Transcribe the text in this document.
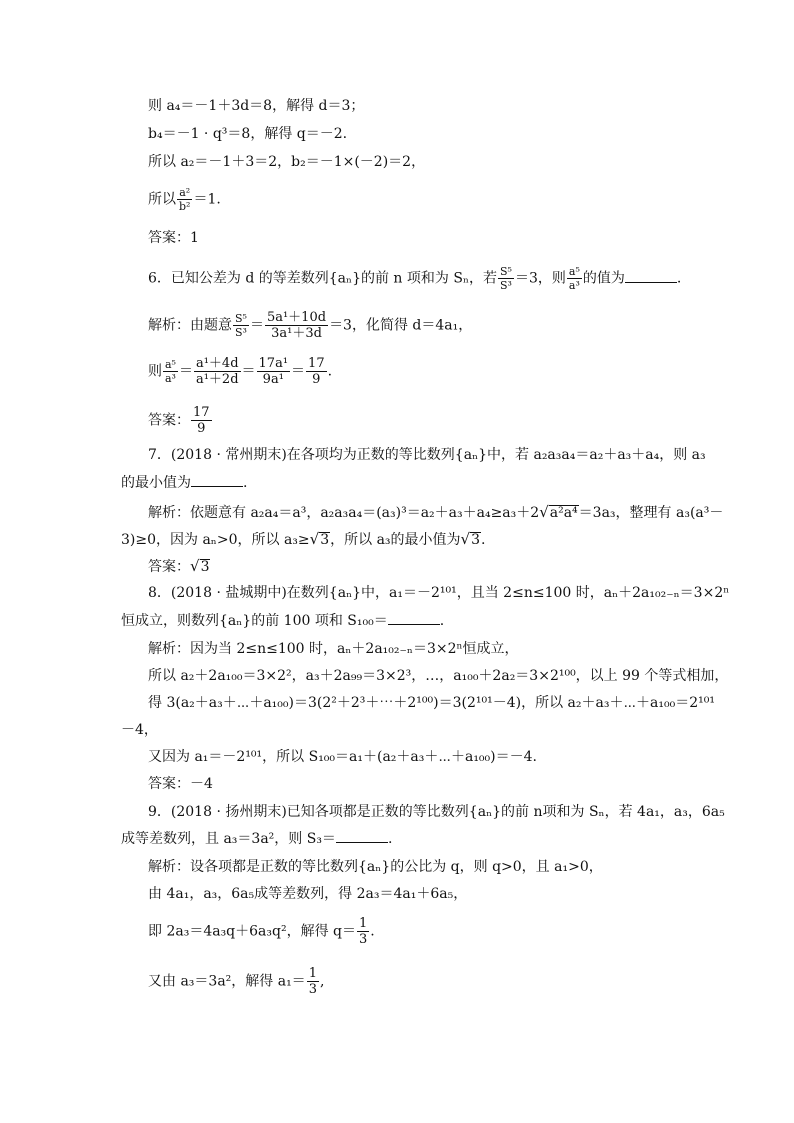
则 a₄＝－1＋3d＝8，解得 d＝3；
b₄＝－1 · q³＝8，解得 q＝－2.
所以 a₂＝－1＋3＝2，b₂＝－1×(－2)＝2，
所以 $\frac{\text{a²}}{\text{b²}} =1$.
答案：1
6．已知公差为 d 的等差数列{aₙ}的前 n 项和为 Sₙ，若 $\frac{\text{S⁵}}{\text{S³}} =3$，则 $\frac{\text{a⁵}}{\text{a³}}$ 的值为	.
解析：由题意 $\frac{\text{S⁵}}{\text{S³}} = \frac{\text{5a¹＋10d}}{\text{3a¹＋3d}} =3$，化简得 d＝4a₁，
则 $\frac{\text{a⁵}}{\text{a³}} = \frac{\text{a¹＋4d}}{\text{a¹＋2d}} = \frac{\text{17a¹}}{\text{9a¹}} = \frac{17}{9}$ .
答案： $\frac{17}{9}$
7．(2018 · 常州期末)在各项均为正数的等比数列{aₙ}中，若 a₂a₃a₄＝a₂＋a₃＋a₄，则 a₃
的最小值为	.
解析：依题意有 a₂a₄＝a³，a₂a₃a₄＝(a₃)³＝a₂＋a₃＋a₄≥a₃＋2√a²a⁴＝3a₃，整理有 a₃(a³－
3)≥0，因为 aₙ>0，所以 a₃≥√3，所以 a₃的最小值为√3.
答案：√3
8．(2018 · 盐城期中)在数列{aₙ}中，a₁＝－2¹⁰¹，且当 2≤n≤100 时，aₙ＋2a₁₀₂₋ₙ＝3×2ⁿ
恒成立，则数列{aₙ}的前 100 项和 S₁₀₀＝	.
解析：因为当 2≤n≤100 时，aₙ＋2a₁₀₂₋ₙ＝3×2ⁿ恒成立，
所以 a₂＋2a₁₀₀＝3×2²，a₃＋2a₉₉＝3×2³，…，a₁₀₀＋2a₂＝3×2¹⁰⁰，以上 99 个等式相加，
得 3(a₂＋a₃＋⋯＋a₁₀₀)＝3(2²＋2³＋⋯＋2¹⁰⁰)＝3(2¹⁰¹－4)，所以 a₂＋a₃＋⋯＋a₁₀₀＝2¹⁰¹
－4，
又因为 a₁＝－2¹⁰¹，所以 S₁₀₀＝a₁＋(a₂＋a₃＋⋯＋a₁₀₀)＝－4.
答案：－4
9．(2018 · 扬州期末)已知各项都是正数的等比数列{aₙ}的前 n项和为 Sₙ，若 4a₁，a₃，6a₅
成等差数列，且 a₃＝3a²，则 S₃＝	.
解析：设各项都是正数的等比数列{aₙ}的公比为 q，则 q>0，且 a₁>0，
由 4a₁，a₃，6a₅成等差数列，得 2a₃＝4a₁＋6a₅，
即 2a₃＝4a₃q＋6a₃q²，解得 $q= \frac{1}{3}$ .
又由 a₃＝3a²，解得 $a_1= \frac{1}{3}$ ,
